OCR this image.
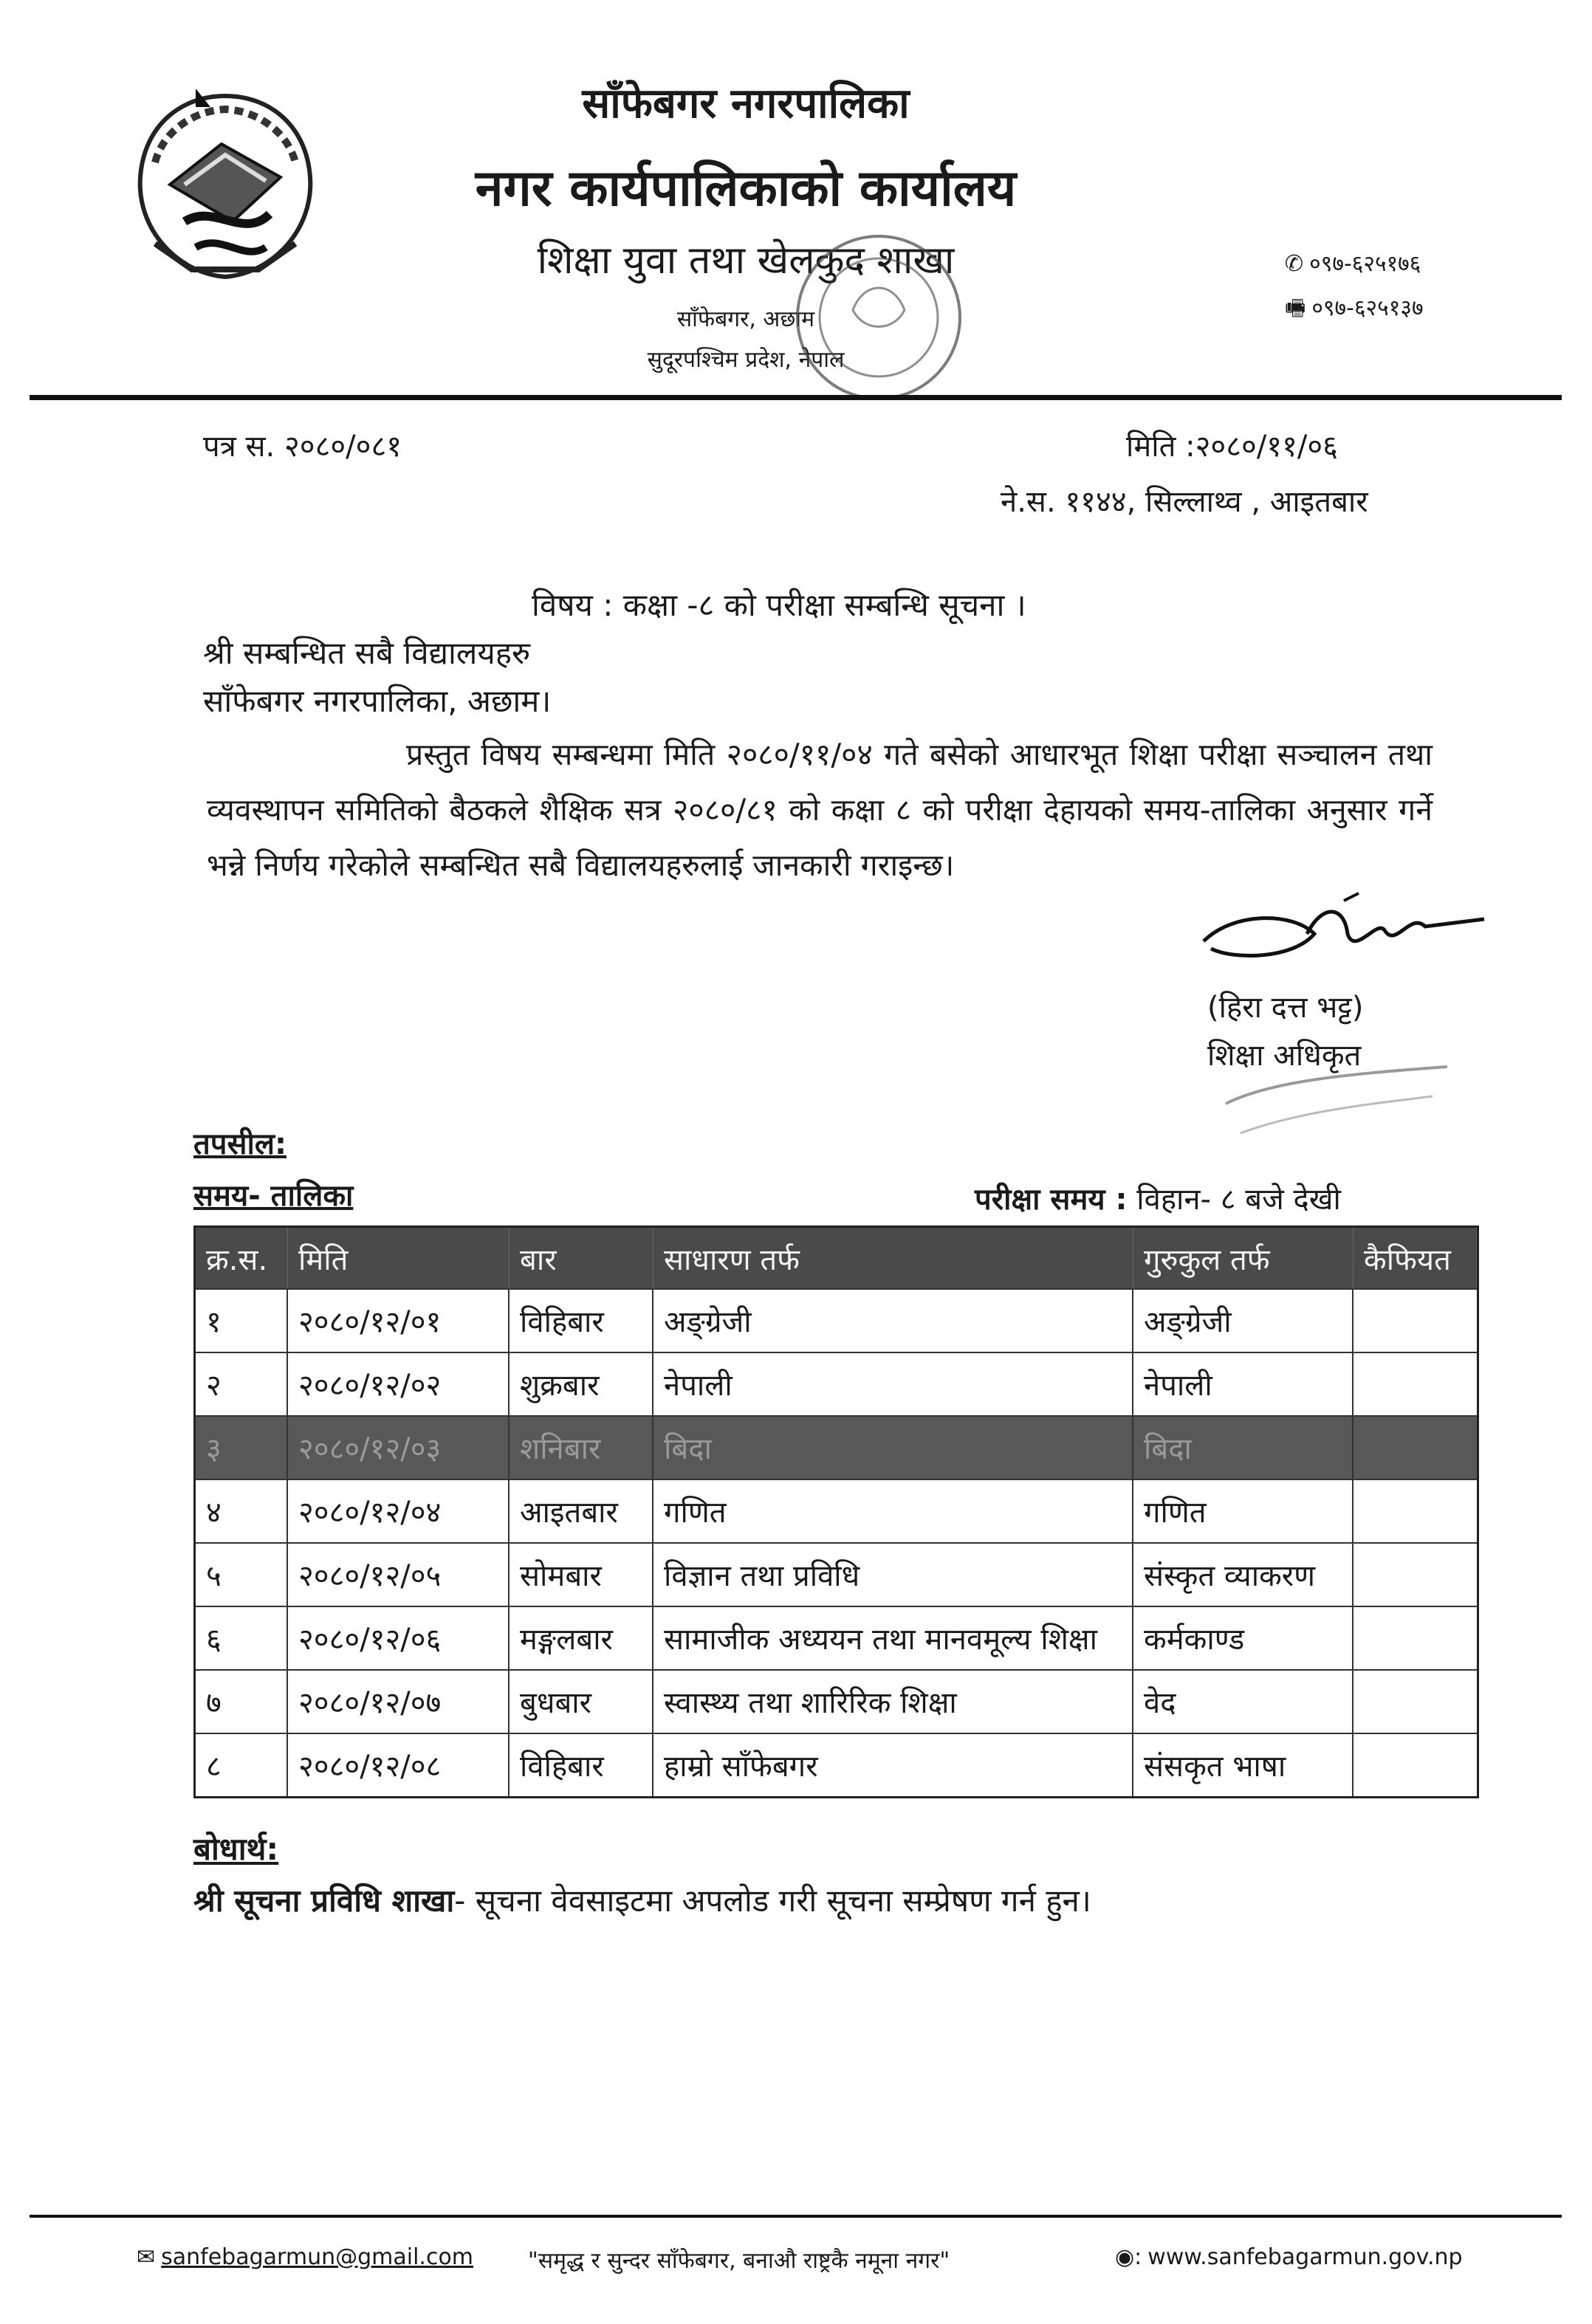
साँफेबगर नगरपालिका
नगर कार्यपालिकाको कार्यालय
शिक्षा युवा तथा खेलकुद शाखा
साँफेबगर, अछाम
सुदूरपश्चिम प्रदेश, नेपाल
✆ ०९७-६२५१७६
🖷 ०९७-६२५१३७
पत्र स. २०८०/०८१	मिति :२०८०/११/०६
ने.स. ११४४, सिल्लाथ्व , आइतबार
विषय : कक्षा -८ को परीक्षा सम्बन्धि सूचना ।
श्री सम्बन्धित सबै विद्यालयहरु
साँफेबगर नगरपालिका, अछाम।
प्रस्तुत विषय सम्बन्धमा मिति २०८०/११/०४ गते बसेको आधारभूत शिक्षा परीक्षा सञ्चालन तथा व्यवस्थापन समितिको बैठकले शैक्षिक सत्र २०८०/८१ को कक्षा ८ को परीक्षा देहायको समय-तालिका अनुसार गर्ने भन्ने निर्णय गरेकोले सम्बन्धित सबै विद्यालयहरुलाई जानकारी गराइन्छ।
(हिरा दत्त भट्ट)
शिक्षा अधिकृत
तपसील:
समय- तालिका	परीक्षा समय : विहान- ८ बजे देखी
क्र.स.	मिति	बार	साधारण तर्फ	गुरुकुल तर्फ	कैफियत
१	२०८०/१२/०१	विहिबार	अङ्ग्रेजी	अङ्ग्रेजी
२	२०८०/१२/०२	शुक्रबार	नेपाली	नेपाली
३	२०८०/१२/०३	शनिबार	बिदा	बिदा
४	२०८०/१२/०४	आइतबार	गणित	गणित
५	२०८०/१२/०५	सोमबार	विज्ञान तथा प्रविधि	संस्कृत व्याकरण
६	२०८०/१२/०६	मङ्गलबार	सामाजीक अध्ययन तथा मानवमूल्य शिक्षा	कर्मकाण्ड
७	२०८०/१२/०७	बुधबार	स्वास्थ्य तथा शारिरिक शिक्षा	वेद
८	२०८०/१२/०८	विहिबार	हाम्रो साँफेबगर	संसकृत भाषा
बोधार्थ:
श्री सूचना प्रविधि शाखा- सूचना वेवसाइटमा अपलोड गरी सूचना सम्प्रेषण गर्न हुन।
✉ sanfebagarmun@gmail.com "समृद्ध र सुन्दर साँफेबगर, बनाऔ राष्ट्रकै नमूना नगर"	◉: www.sanfebagarmun.gov.np
